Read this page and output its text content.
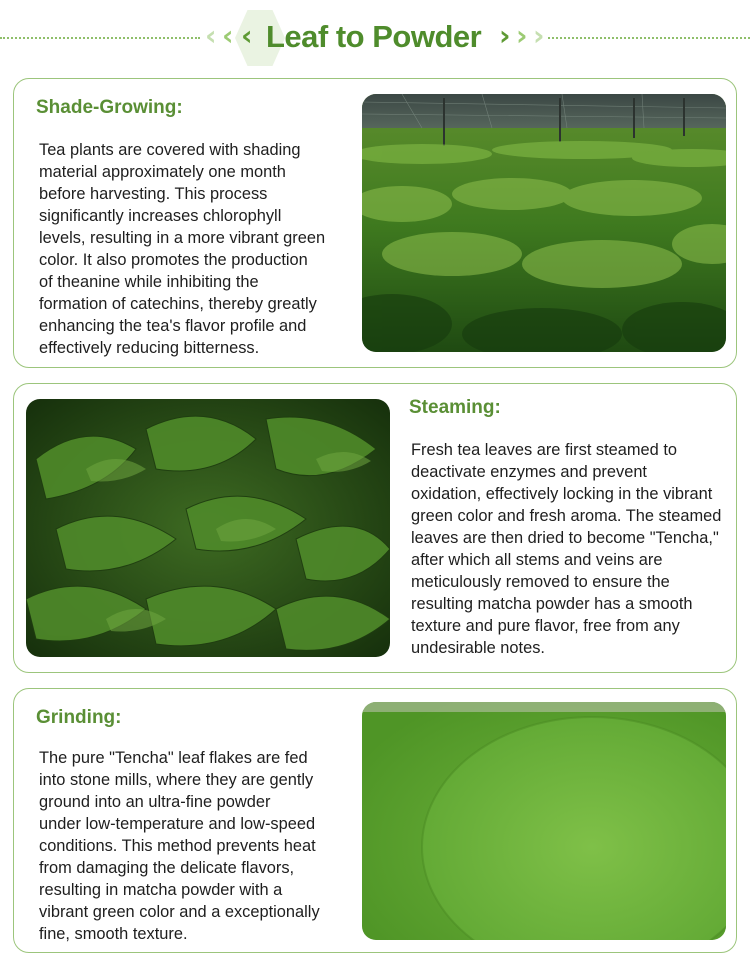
‹ ‹ ‹ Leaf to Powder › › ›
Shade-Growing:
Tea plants are covered with shading
material approximately one month
before harvesting. This process
significantly increases chlorophyll
levels, resulting in a more vibrant green
color. It also promotes the production
of theanine while inhibiting the
formation of catechins, thereby greatly
enhancing the tea's flavor profile and
effectively reducing bitterness.
Steaming:
Fresh tea leaves are first steamed to
deactivate enzymes and prevent
oxidation, effectively locking in the vibrant
green color and fresh aroma. The steamed
leaves are then dried to become "Tencha,"
after which all stems and veins are
meticulously removed to ensure the
resulting matcha powder has a smooth
texture and pure flavor, free from any
undesirable notes.
Grinding:
The pure "Tencha" leaf flakes are fed
into stone mills, where they are gently
ground into an ultra-fine powder
under low-temperature and low-speed
conditions. This method prevents heat
from damaging the delicate flavors,
resulting in matcha powder with a
vibrant green color and a exceptionally
fine, smooth texture.
